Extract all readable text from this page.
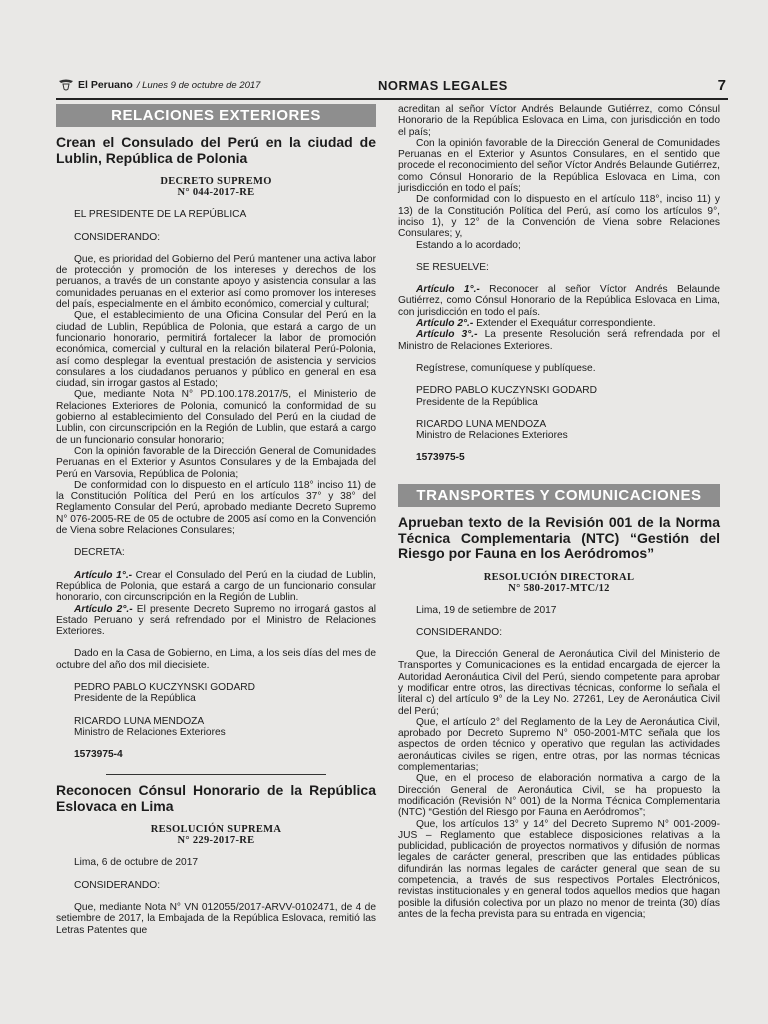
El Peruano / Lunes 9 de octubre de 2017	NORMAS LEGALES	7
RELACIONES EXTERIORES
Crean el Consulado del Perú en la ciudad de Lublin, República de Polonia
DECRETO SUPREMO
N° 044-2017-RE

EL PRESIDENTE DE LA REPÚBLICA

CONSIDERANDO:

Que, es prioridad del Gobierno del Perú mantener una activa labor de protección y promoción de los intereses y derechos de los peruanos, a través de un constante apoyo y asistencia consular a las comunidades peruanas en el exterior así como promover los intereses del país, especialmente en el ámbito económico, comercial y cultural;

Que, el establecimiento de una Oficina Consular del Perú en la ciudad de Lublin, República de Polonia, que estará a cargo de un funcionario honorario, permitirá fortalecer la labor de promoción económica, comercial y cultural en la relación bilateral Perú-Polonia, así como desplegar la eventual prestación de asistencia y servicios consulares a los ciudadanos peruanos y público en general en esa ciudad, sin irrogar gastos al Estado;

Que, mediante Nota N° PD.100.178.2017/5, el Ministerio de Relaciones Exteriores de Polonia, comunicó la conformidad de su gobierno al establecimiento del Consulado del Perú en la ciudad de Lublin, con circunscripción en la Región de Lublin, que estará a cargo de un funcionario consular honorario;

Con la opinión favorable de la Dirección General de Comunidades Peruanas en el Exterior y Asuntos Consulares y de la Embajada del Perú en Varsovia, República de Polonia;

De conformidad con lo dispuesto en el artículo 118° inciso 11) de la Constitución Política del Perú en los artículos 37° y 38° del Reglamento Consular del Perú, aprobado mediante Decreto Supremo N° 076-2005-RE de 05 de octubre de 2005 así como en la Convención de Viena sobre Relaciones Consulares;

DECRETA:

Artículo 1°.- Crear el Consulado del Perú en la ciudad de Lublin, República de Polonia, que estará a cargo de un funcionario consular honorario, con circunscripción en la Región de Lublin.

Artículo 2°.- El presente Decreto Supremo no irrogará gastos al Estado Peruano y será refrendado por el Ministro de Relaciones Exteriores.

Dado en la Casa de Gobierno, en Lima, a los seis días del mes de octubre del año dos mil diecisiete.

PEDRO PABLO KUCZYNSKI GODARD

Presidente de la República

RICARDO LUNA MENDOZA

Ministro de Relaciones Exteriores

1573975-4
Reconocen Cónsul Honorario de la República Eslovaca en Lima
RESOLUCIÓN SUPREMA
N° 229-2017-RE

Lima, 6 de octubre de 2017

CONSIDERANDO:

Que, mediante Nota N° VN 012055/2017-ARVV-0102471, de 4 de setiembre de 2017, la Embajada de la República Eslovaca, remitió las Letras Patentes que

acreditan al señor Víctor Andrés Belaunde Gutiérrez, como Cónsul Honorario de la República Eslovaca en Lima, con jurisdicción en todo el país;

Con la opinión favorable de la Dirección General de Comunidades Peruanas en el Exterior y Asuntos Consulares, en el sentido que procede el reconocimiento del señor Víctor Andrés Belaunde Gutiérrez, como Cónsul Honorario de la República Eslovaca en Lima, con jurisdicción en todo el país;

De conformidad con lo dispuesto en el artículo 118°, inciso 11) y 13) de la Constitución Política del Perú, así como los artículos 9°, inciso 1), y 12° de la Convención de Viena sobre Relaciones Consulares; y,

Estando a lo acordado;

SE RESUELVE:

Artículo 1°.- Reconocer al señor Víctor Andrés Belaunde Gutiérrez, como Cónsul Honorario de la República Eslovaca en Lima, con jurisdicción en todo el país.

Artículo 2°.- Extender el Exequátur correspondiente.

Artículo 3°.- La presente Resolución será refrendada por el Ministro de Relaciones Exteriores.

Regístrese, comuníquese y publíquese.

PEDRO PABLO KUCZYNSKI GODARD

Presidente de la República

RICARDO LUNA MENDOZA

Ministro de Relaciones Exteriores

1573975-5
TRANSPORTES Y COMUNICACIONES
Aprueban texto de la Revisión 001 de la Norma Técnica Complementaria (NTC) “Gestión del Riesgo por Fauna en los Aeródromos”
RESOLUCIÓN DIRECTORAL
N° 580-2017-MTC/12

Lima, 19 de setiembre de 2017

CONSIDERANDO:

Que, la Dirección General de Aeronáutica Civil del Ministerio de Transportes y Comunicaciones es la entidad encargada de ejercer la Autoridad Aeronáutica Civil del Perú, siendo competente para aprobar y modificar entre otros, las directivas técnicas, conforme lo señala el literal c) del artículo 9° de la Ley No. 27261, Ley de Aeronáutica Civil del Perú;

Que, el artículo 2° del Reglamento de la Ley de Aeronáutica Civil, aprobado por Decreto Supremo N° 050-2001-MTC señala que los aspectos de orden técnico y operativo que regulan las actividades aeronáuticas civiles se rigen, entre otras, por las normas técnicas complementarias;

Que, en el proceso de elaboración normativa a cargo de la Dirección General de Aeronáutica Civil, se ha propuesto la modificación (Revisión N° 001) de la Norma Técnica Complementaria (NTC) “Gestión del Riesgo por Fauna en Aeródromos”;

Que, los artículos 13° y 14° del Decreto Supremo N° 001-2009-JUS – Reglamento que establece disposiciones relativas a la publicidad, publicación de proyectos normativos y difusión de normas legales de carácter general, prescriben que las entidades públicas difundirán las normas legales de carácter general que sean de su competencia, a través de sus respectivos Portales Electrónicos, revistas institucionales y en general todos aquellos medios que hagan posible la difusión colectiva por un plazo no menor de treinta (30) días antes de la fecha prevista para su entrada en vigencia;
